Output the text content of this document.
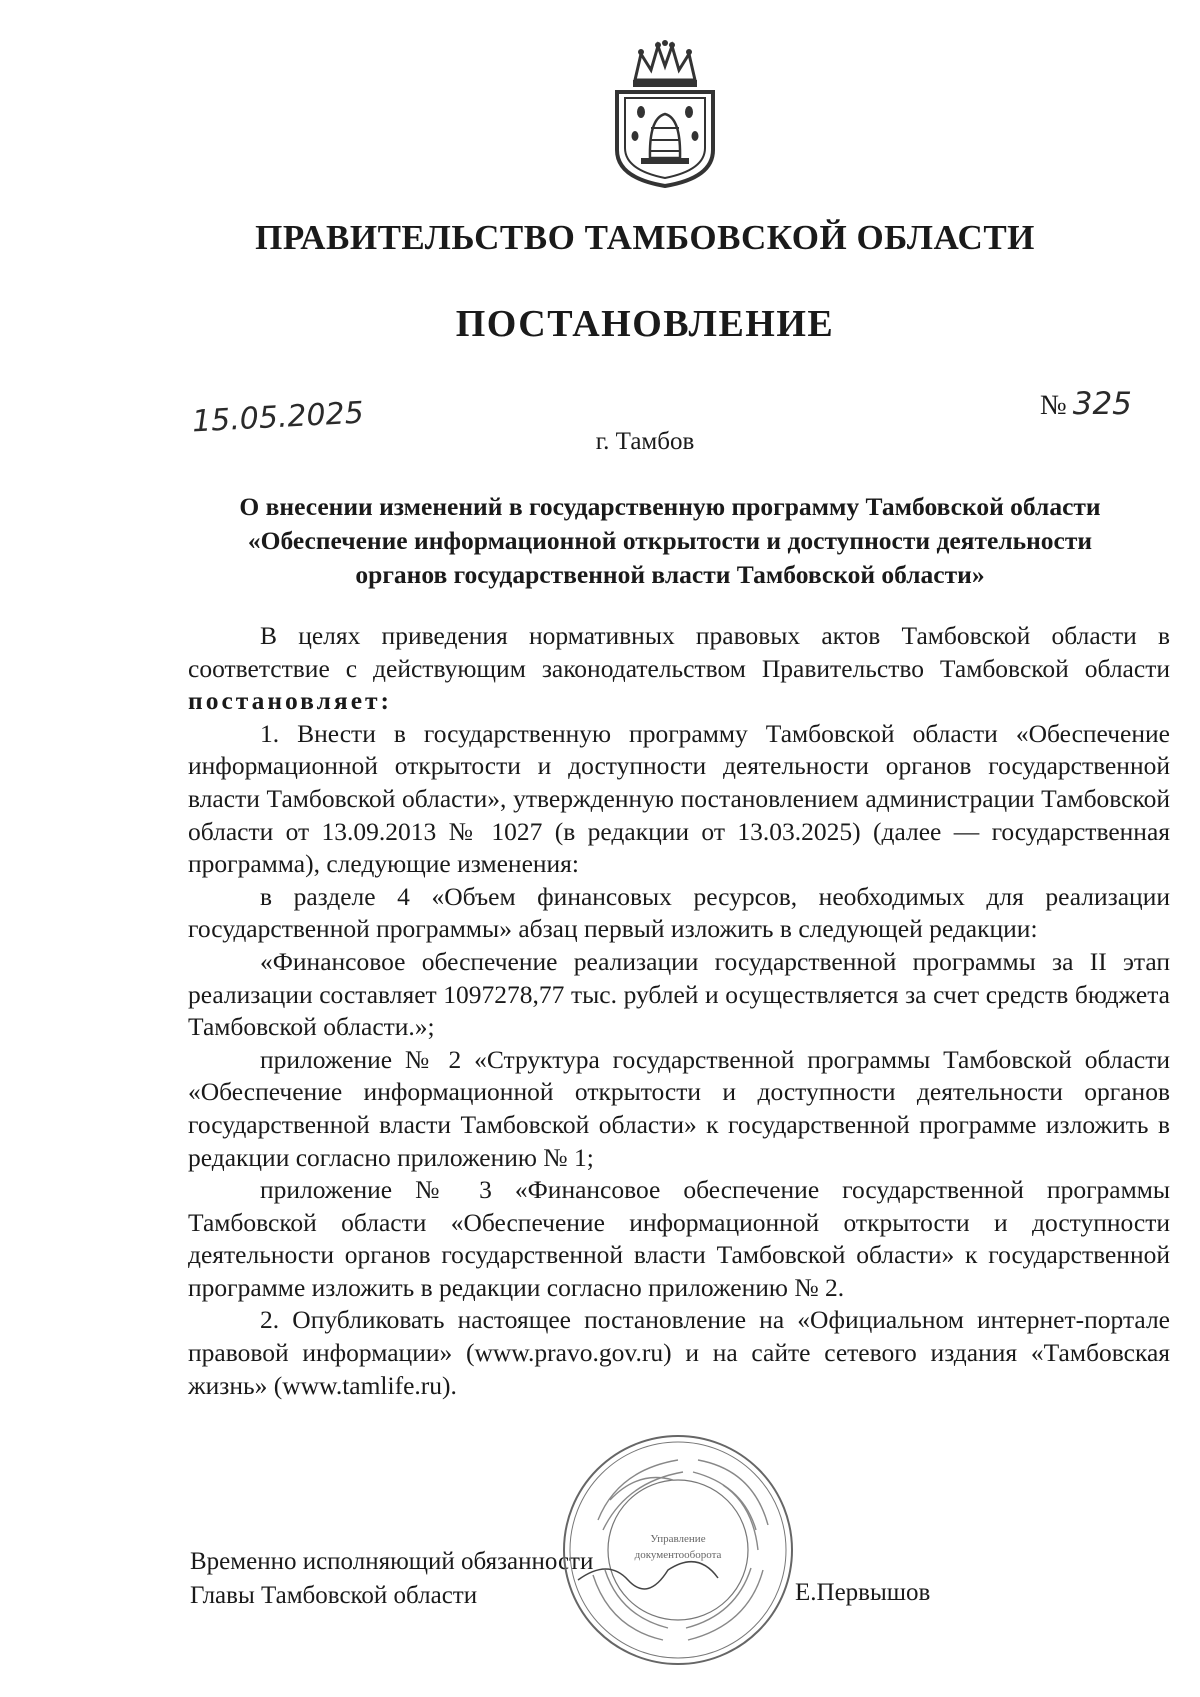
ПРАВИТЕЛЬСТВО ТАМБОВСКОЙ ОБЛАСТИ
ПОСТАНОВЛЕНИЕ
15.05.2025	№ 325
г. Тамбов
О внесении изменений в государственную программу Тамбовской области «Обеспечение информационной открытости и доступности деятельности органов государственной власти Тамбовской области»

В целях приведения нормативных правовых актов Тамбовской области в соответствие с действующим законодательством Правительство Тамбовской области постановляет:

1. Внести в государственную программу Тамбовской области «Обеспечение информационной открытости и доступности деятельности органов государственной власти Тамбовской области», утвержденную постановлением администрации Тамбовской области от 13.09.2013 № 1027 (в редакции от 13.03.2025) (далее — государственная программа), следующие изменения:

в разделе 4 «Объем финансовых ресурсов, необходимых для реализации государственной программы» абзац первый изложить в следующей редакции:

«Финансовое обеспечение реализации государственной программы за II этап реализации составляет 1097278,77 тыс. рублей и осуществляется за счет средств бюджета Тамбовской области.»;

приложение № 2 «Структура государственной программы Тамбовской области «Обеспечение информационной открытости и доступности деятельности органов государственной власти Тамбовской области» к государственной программе изложить в редакции согласно приложению № 1;

приложение № 3 «Финансовое обеспечение государственной программы Тамбовской области «Обеспечение информационной открытости и доступности деятельности органов государственной власти Тамбовской области» к государственной программе изложить в редакции согласно приложению № 2.

2. Опубликовать настоящее постановление на «Официальном интернет-портале правовой информации» (www.pravo.gov.ru) и на сайте сетевого издания «Тамбовская жизнь» (www.tamlife.ru).

Временно исполняющий обязанности
Главы Тамбовской области	Е.Первышов
Управление
документооборота
